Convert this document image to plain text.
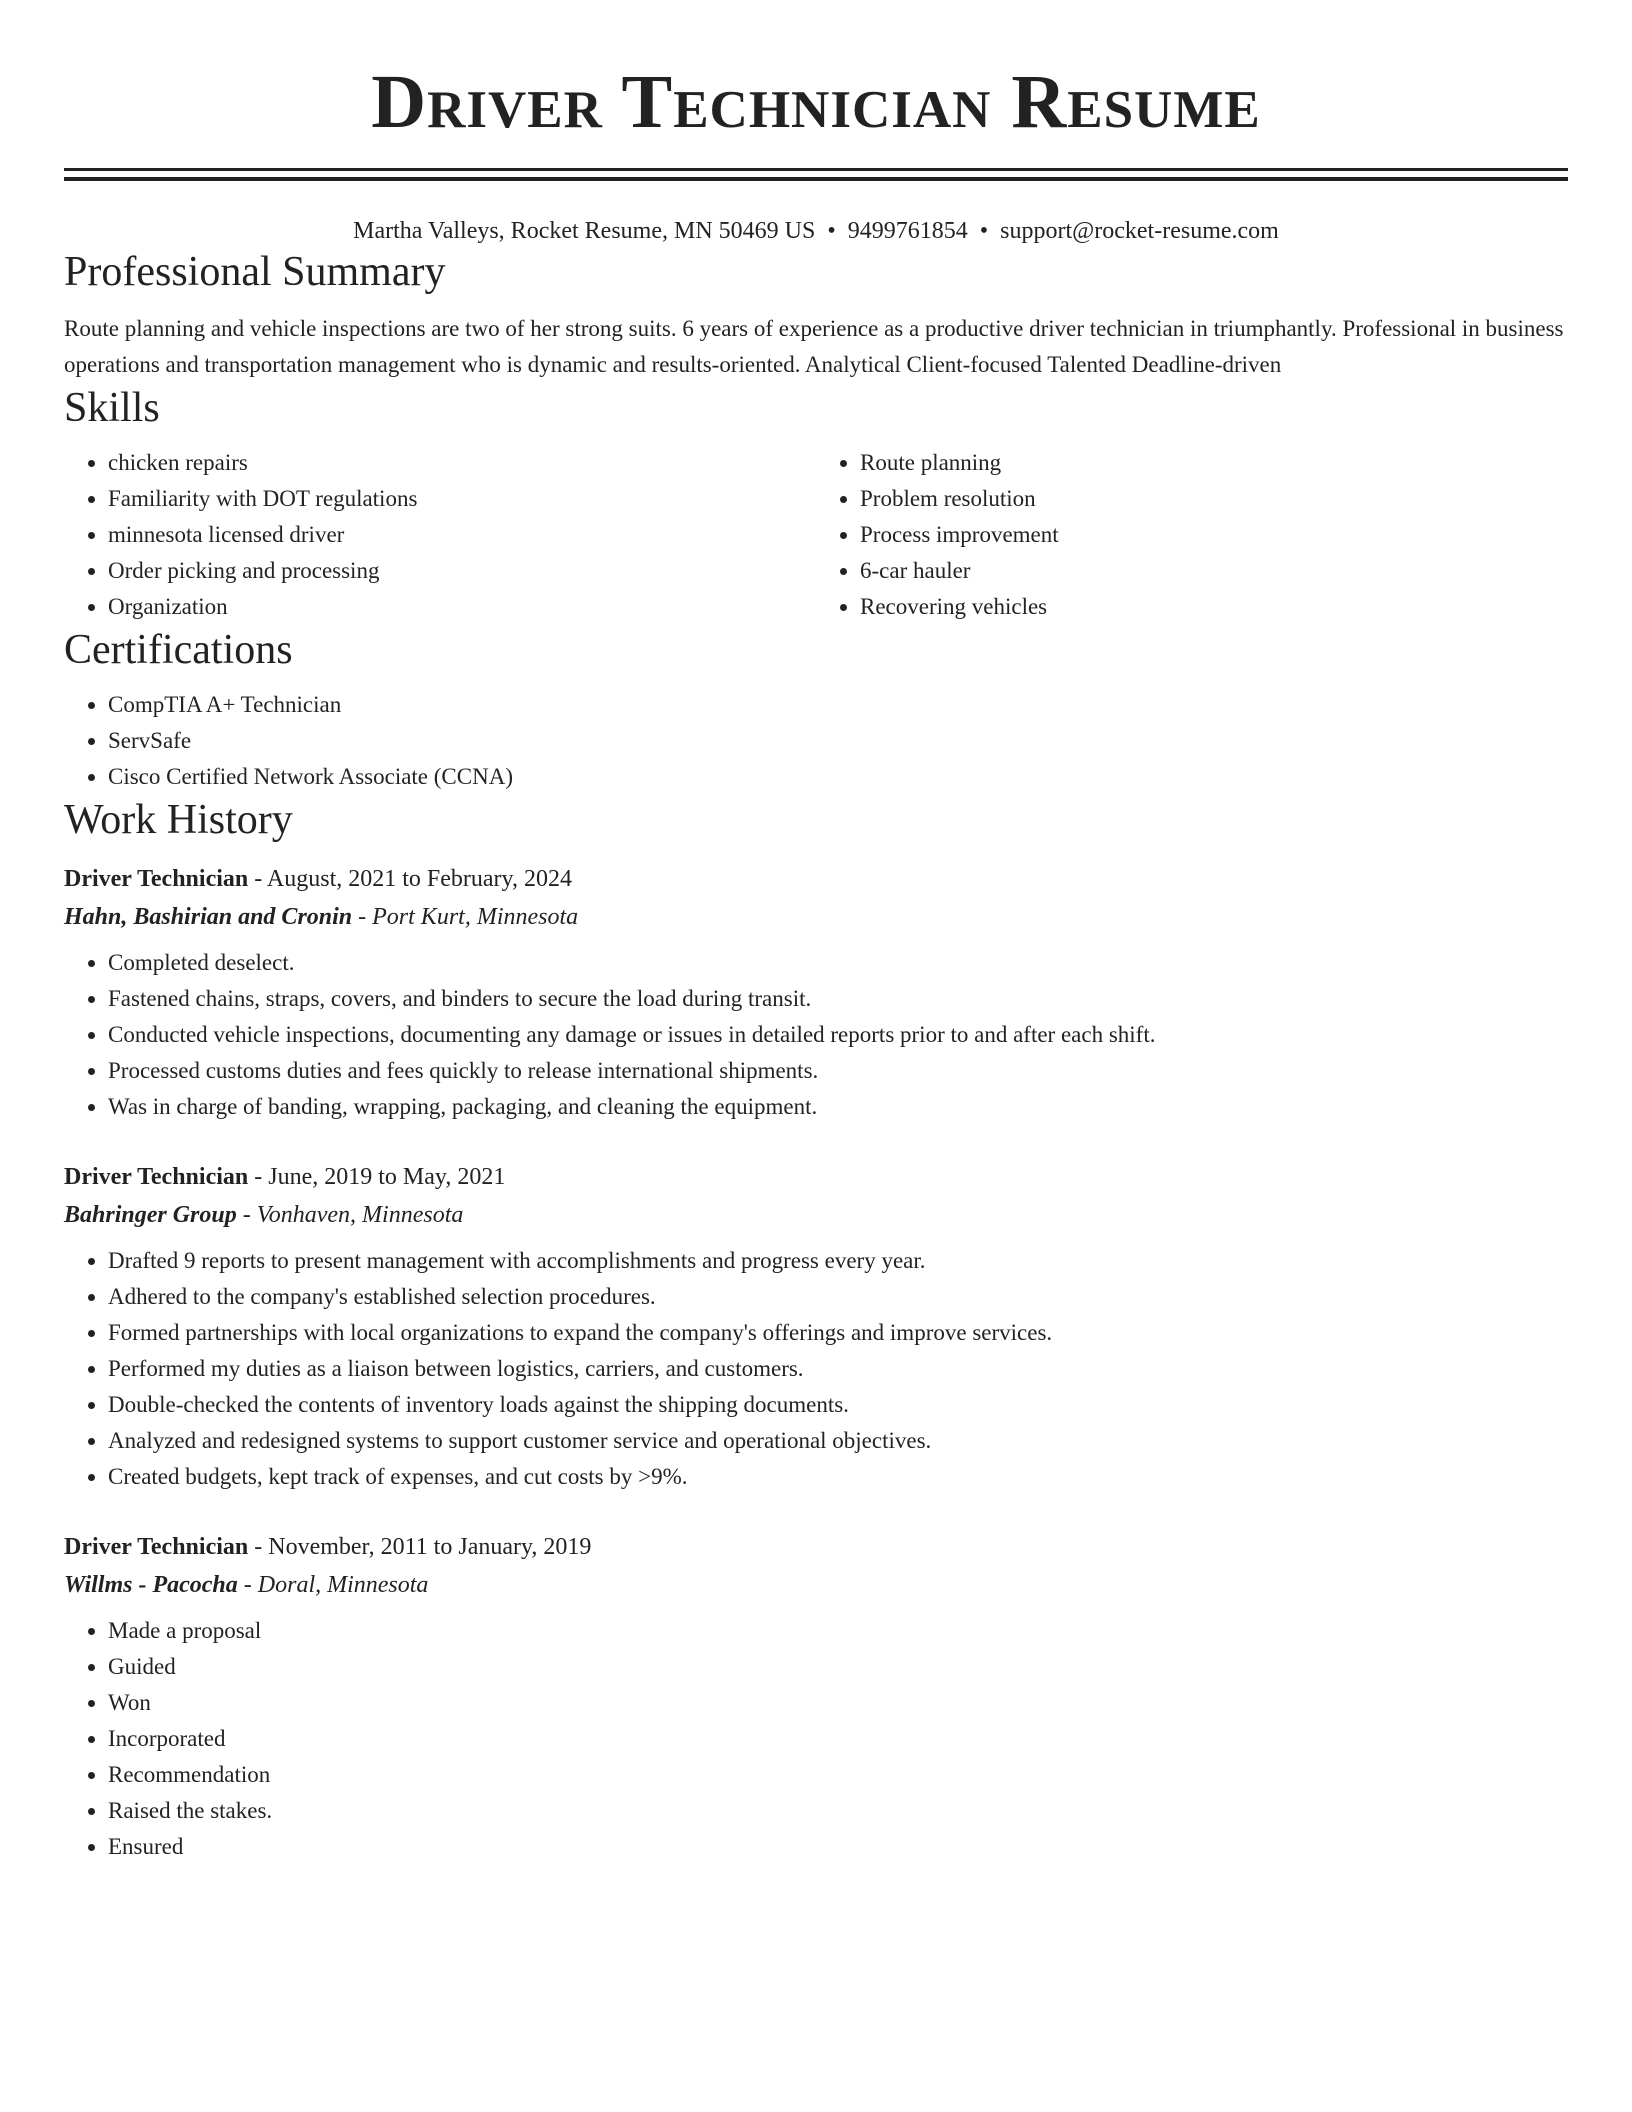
Driver Technician Resume
Martha Valleys, Rocket Resume, MN 50469 US • 9499761854 • support@rocket-resume.com
Professional Summary

Route planning and vehicle inspections are two of her strong suits. 6 years of experience as a productive driver technician in triumphantly. Professional in business operations and transportation management who is dynamic and results-oriented. Analytical Client-focused Talented Deadline-driven

Skills
• chicken repairs
• Familiarity with DOT regulations
• minnesota licensed driver
• Order picking and processing
• Organization
• Route planning
• Problem resolution
• Process improvement
• 6-car hauler
• Recovering vehicles
Certifications
• CompTIA A+ Technician
• ServSafe
• Cisco Certified Network Associate (CCNA)
Work History
Driver Technician - August, 2021 to February, 2024
Hahn, Bashirian and Cronin - Port Kurt, Minnesota
• Completed deselect.
• Fastened chains, straps, covers, and binders to secure the load during transit.
• Conducted vehicle inspections, documenting any damage or issues in detailed reports prior to and after each shift.
• Processed customs duties and fees quickly to release international shipments.
• Was in charge of banding, wrapping, packaging, and cleaning the equipment.
Driver Technician - June, 2019 to May, 2021
Bahringer Group - Vonhaven, Minnesota
• Drafted 9 reports to present management with accomplishments and progress every year.
• Adhered to the company's established selection procedures.
• Formed partnerships with local organizations to expand the company's offerings and improve services.
• Performed my duties as a liaison between logistics, carriers, and customers.
• Double-checked the contents of inventory loads against the shipping documents.
• Analyzed and redesigned systems to support customer service and operational objectives.
• Created budgets, kept track of expenses, and cut costs by >9%.
Driver Technician - November, 2011 to January, 2019
Willms - Pacocha - Doral, Minnesota
• Made a proposal
• Guided
• Won
• Incorporated
• Recommendation
• Raised the stakes.
• Ensured
